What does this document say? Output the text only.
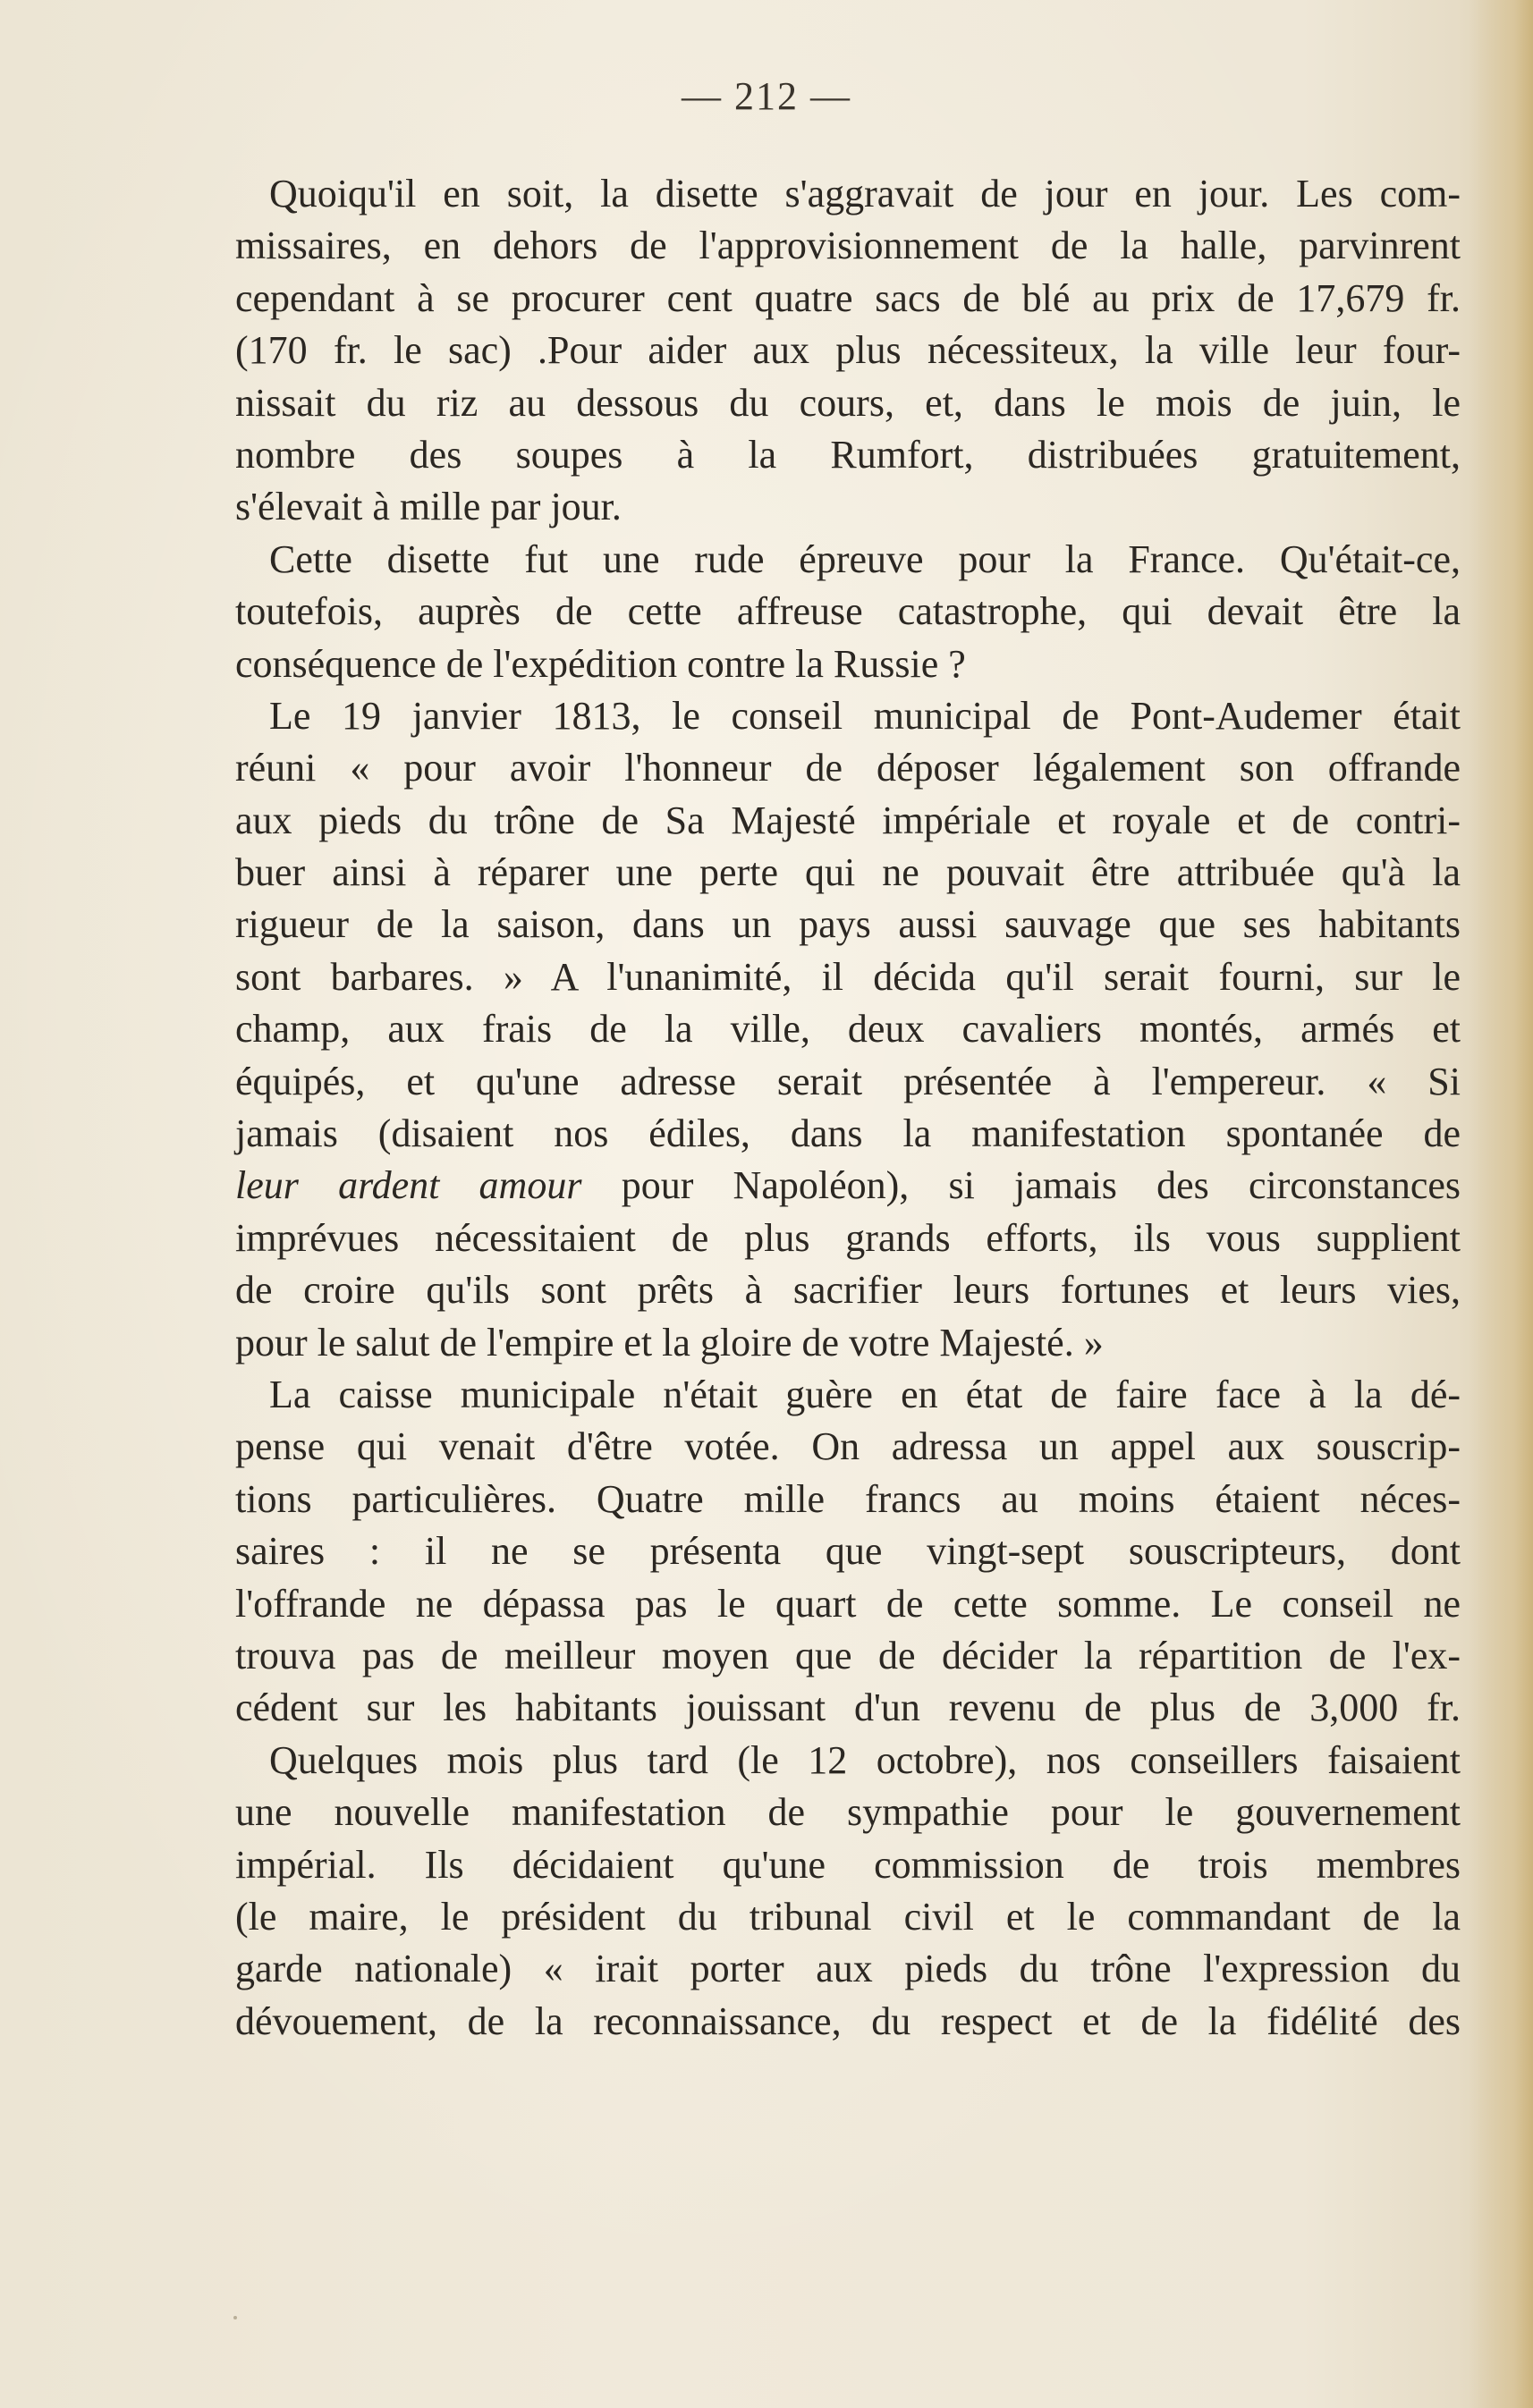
— 212 —
Quoiqu'il en soit, la disette s'aggravait de jour en jour. Les com-
missaires, en dehors de l'approvisionnement de la halle, parvinrent
cependant à se procurer cent quatre sacs de blé au prix de 17,679 fr.
(170 fr. le sac) .Pour aider aux plus nécessiteux, la ville leur four-
nissait du riz au dessous du cours, et, dans le mois de juin, le
nombre des soupes à la Rumfort, distribuées gratuitement,
s'élevait à mille par jour.
Cette disette fut une rude épreuve pour la France. Qu'était-ce,
toutefois, auprès de cette affreuse catastrophe, qui devait être la
conséquence de l'expédition contre la Russie ?
Le 19 janvier 1813, le conseil municipal de Pont-Audemer était
réuni « pour avoir l'honneur de déposer légalement son offrande
aux pieds du trône de Sa Majesté impériale et royale et de contri-
buer ainsi à réparer une perte qui ne pouvait être attribuée qu'à la
rigueur de la saison, dans un pays aussi sauvage que ses habitants
sont barbares. » A l'unanimité, il décida qu'il serait fourni, sur le
champ, aux frais de la ville, deux cavaliers montés, armés et
équipés, et qu'une adresse serait présentée à l'empereur. « Si
jamais (disaient nos édiles, dans la manifestation spontanée de
leur ardent amour pour Napoléon), si jamais des circonstances
imprévues nécessitaient de plus grands efforts, ils vous supplient
de croire qu'ils sont prêts à sacrifier leurs fortunes et leurs vies,
pour le salut de l'empire et la gloire de votre Majesté. »
La caisse municipale n'était guère en état de faire face à la dé-
pense qui venait d'être votée. On adressa un appel aux souscrip-
tions particulières. Quatre mille francs au moins étaient néces-
saires : il ne se présenta que vingt-sept souscripteurs, dont
l'offrande ne dépassa pas le quart de cette somme. Le conseil ne
trouva pas de meilleur moyen que de décider la répartition de l'ex-
cédent sur les habitants jouissant d'un revenu de plus de 3,000 fr.
Quelques mois plus tard (le 12 octobre), nos conseillers faisaient
une nouvelle manifestation de sympathie pour le gouvernement
impérial. Ils décidaient qu'une commission de trois membres
(le maire, le président du tribunal civil et le commandant de la
garde nationale) « irait porter aux pieds du trône l'expression du
dévouement, de la reconnaissance, du respect et de la fidélité des
